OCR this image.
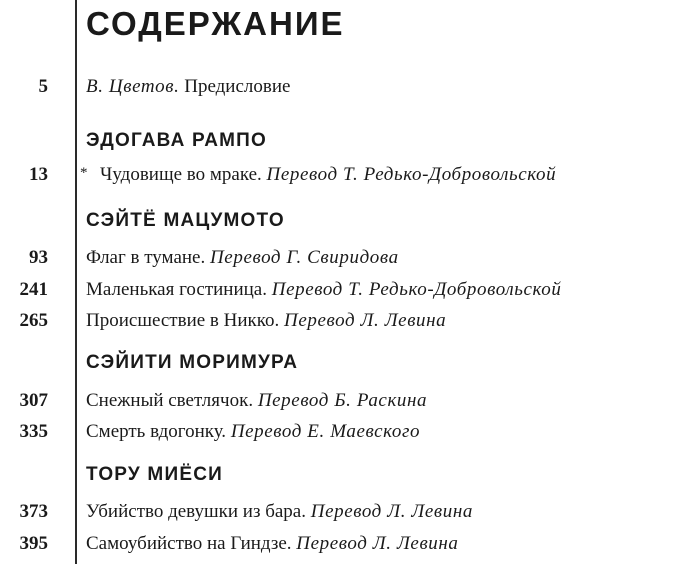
СОДЕРЖАНИЕ
5 В. Цветов. Предисловие
ЭДОГАВА РАМПО
13 * Чудовище во мраке. Перевод Т. Редько-Добровольской
СЭЙТЁ МАЦУМОТО
93 Флаг в тумане. Перевод Г. Свиридова
241 Маленькая гостиница. Перевод Т. Редько-Добровольской
265 Происшествие в Никко. Перевод Л. Левина
СЭЙИТИ МОРИМУРА
307 Снежный светлячок. Перевод Б. Раскина
335 Смерть вдогонку. Перевод Е. Маевского
ТОРУ МИЁСИ
373 Убийство девушки из бара. Перевод Л. Левина
395 Самоубийство на Гиндзе. Перевод Л. Левина
